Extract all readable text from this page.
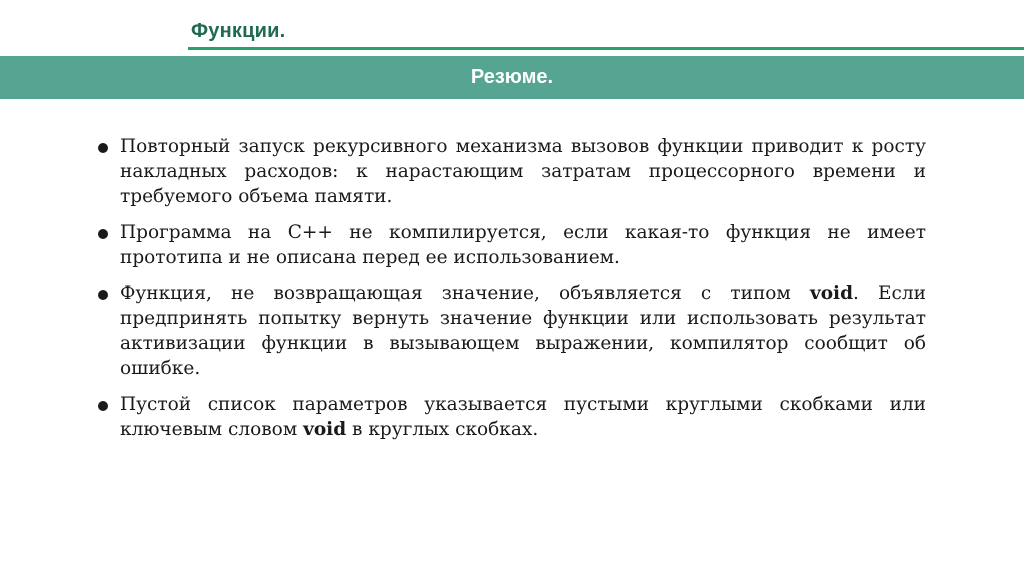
Функции.
Резюме.
Повторный запуск рекурсивного механизма вызовов функции приводит к росту накладных расходов: к нарастающим затратам процессорного времени и требуемого объема памяти.
Программа на С++ не компилируется, если какая-то функция не имеет прототипа и не описана перед ее использованием.
Функция, не возвращающая значение, объявляется с типом void. Если предпринять попытку вернуть значение функции или использовать результат активизации функции в вызывающем выражении, компилятор сообщит об ошибке.
Пустой список параметров указывается пустыми круглыми скобками или ключевым словом void в круглых скобках.
